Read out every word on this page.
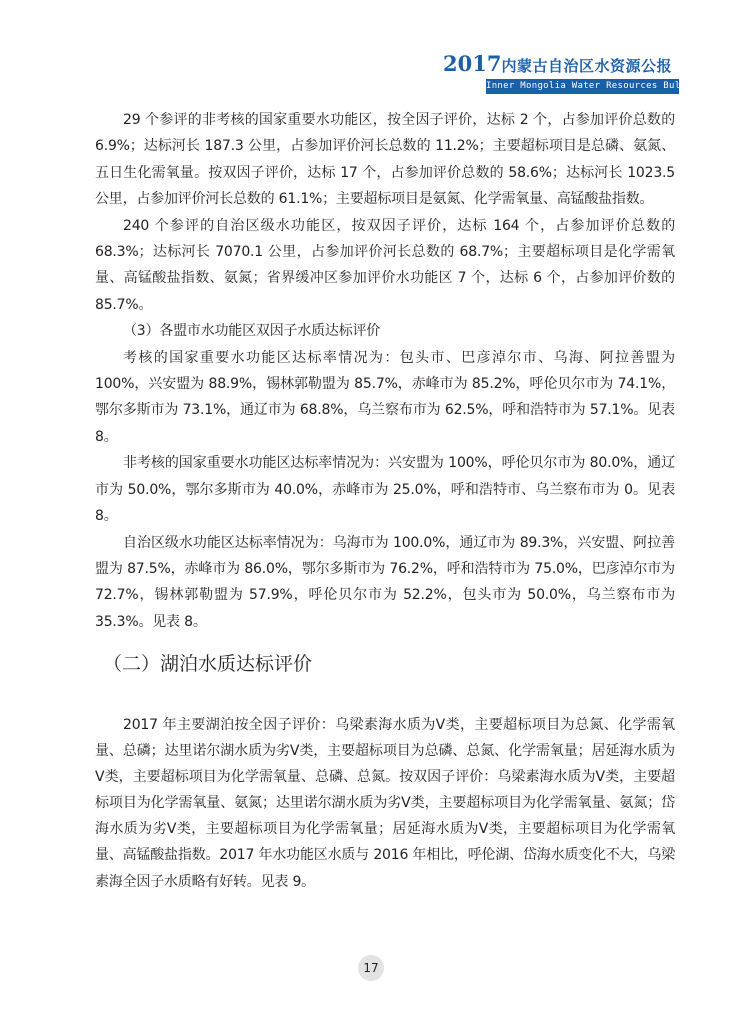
2017内蒙古自治区水资源公报
Inner Mongolia Water Resources Bulletin

29 个参评的非考核的国家重要水功能区，按全因子评价，达标 2 个，占参加评价总数的 6.9%；达标河长 187.3 公里，占参加评价河长总数的 11.2%；主要超标项目是总磷、氨氮、五日生化需氧量。按双因子评价，达标 17 个，占参加评价总数的 58.6%；达标河长 1023.5 公里，占参加评价河长总数的 61.1%；主要超标项目是氨氮、化学需氧量、高锰酸盐指数。

240 个参评的自治区级水功能区，按双因子评价，达标 164 个，占参加评价总数的 68.3%；达标河长 7070.1 公里，占参加评价河长总数的 68.7%；主要超标项目是化学需氧量、高锰酸盐指数、氨氮；省界缓冲区参加评价水功能区 7 个，达标 6 个，占参加评价数的 85.7%。

（3）各盟市水功能区双因子水质达标评价

考核的国家重要水功能区达标率情况为：包头市、巴彦淖尔市、乌海、阿拉善盟为 100%，兴安盟为 88.9%，锡林郭勒盟为 85.7%，赤峰市为 85.2%，呼伦贝尔市为 74.1%，鄂尔多斯市为 73.1%，通辽市为 68.8%，乌兰察布市为 62.5%，呼和浩特市为 57.1%。见表 8。

非考核的国家重要水功能区达标率情况为：兴安盟为 100%，呼伦贝尔市为 80.0%，通辽市为 50.0%，鄂尔多斯市为 40.0%，赤峰市为 25.0%，呼和浩特市、乌兰察布市为 0。见表 8。

自治区级水功能区达标率情况为：乌海市为 100.0%，通辽市为 89.3%，兴安盟、阿拉善盟为 87.5%，赤峰市为 86.0%，鄂尔多斯市为 76.2%，呼和浩特市为 75.0%，巴彦淖尔市为 72.7%，锡林郭勒盟为 57.9%，呼伦贝尔市为 52.2%，包头市为 50.0%，乌兰察布市为 35.3%。见表 8。

（二）湖泊水质达标评价

2017 年主要湖泊按全因子评价：乌梁素海水质为Ⅴ类，主要超标项目为总氮、化学需氧量、总磷；达里诺尔湖水质为劣Ⅴ类，主要超标项目为总磷、总氮、化学需氧量；居延海水质为Ⅴ类，主要超标项目为化学需氧量、总磷、总氮。按双因子评价：乌梁素海水质为Ⅴ类，主要超标项目为化学需氧量、氨氮；达里诺尔湖水质为劣Ⅴ类，主要超标项目为化学需氧量、氨氮；岱海水质为劣Ⅴ类，主要超标项目为化学需氧量；居延海水质为Ⅴ类，主要超标项目为化学需氧量、高锰酸盐指数。2017 年水功能区水质与 2016 年相比，呼伦湖、岱海水质变化不大，乌梁素海全因子水质略有好转。见表 9。

17
